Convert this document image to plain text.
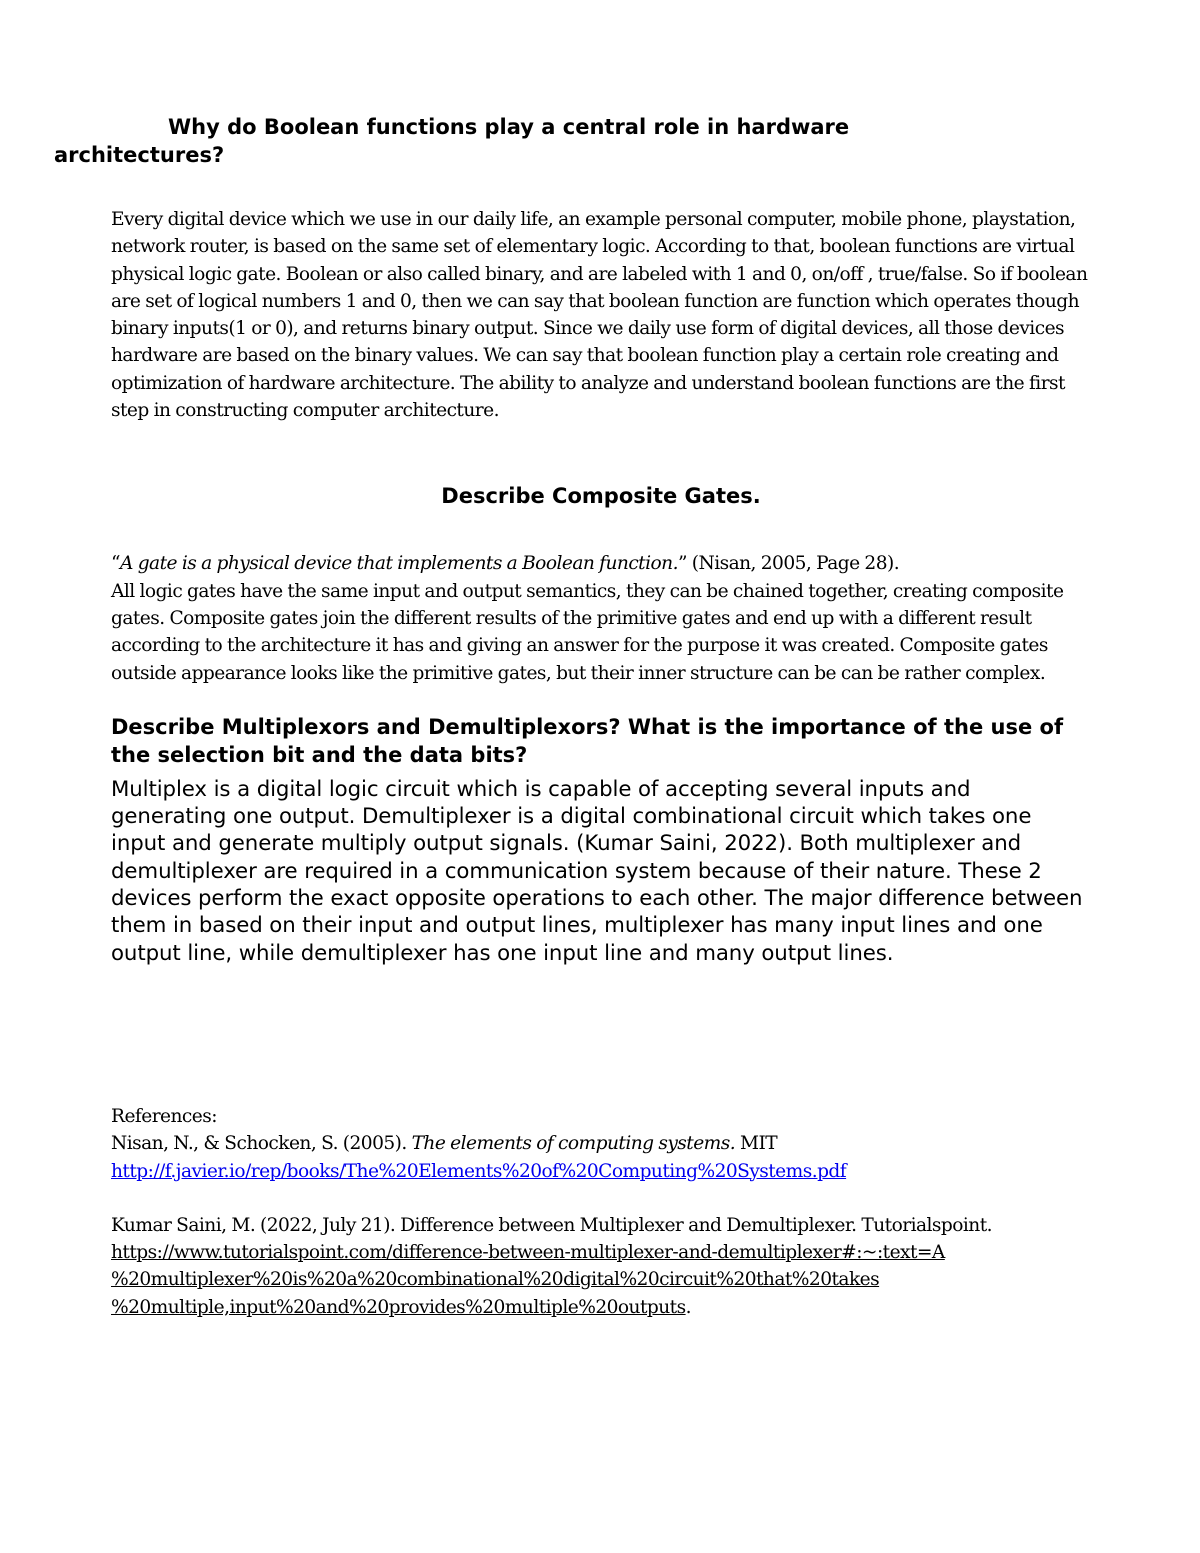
Why do Boolean functions play a central role in hardware
architectures?

Every digital device which we use in our daily life, an example personal computer, mobile phone, playstation, network router, is based on the same set of elementary logic. According to that, boolean functions are virtual physical logic gate. Boolean or also called binary, and are labeled with 1 and 0, on/off , true/false. So if boolean are set of logical numbers 1 and 0, then we can say that boolean function are function which operates though binary inputs(1 or 0), and returns binary output. Since we daily use form of digital devices, all those devices hardware are based on the binary values. We can say that boolean function play a certain role creating and optimization of hardware architecture. The ability to analyze and understand boolean functions are the first step in constructing computer architecture.

Describe Composite Gates.

“A gate is a physical device that implements a Boolean function.” (Nisan, 2005, Page 28).

All logic gates have the same input and output semantics, they can be chained together, creating composite gates. Composite gates join the different results of the primitive gates and end up with a different result according to the architecture it has and giving an answer for the purpose it was created. Composite gates outside appearance looks like the primitive gates, but their inner structure can be can be rather complex.

Describe Multiplexors and Demultiplexors? What is the importance of the use of the selection bit and the data bits?

Multiplex is a digital logic circuit which is capable of accepting several inputs and generating one output. Demultiplexer is a digital combinational circuit which takes one input and generate multiply output signals. (Kumar Saini, 2022). Both multiplexer and demultiplexer are required in a communication system because of their nature. These 2 devices perform the exact opposite operations to each other. The major difference between them in based on their input and output lines, multiplexer has many input lines and one output line, while demultiplexer has one input line and many output lines.

References:

Nisan, N., & Schocken, S. (2005). The elements of computing systems. MIT
http://f.javier.io/rep/books/The%20Elements%20of%20Computing%20Systems.pdf

Kumar Saini, M. (2022, July 21). Difference between Multiplexer and Demultiplexer. Tutorialspoint.
https://www.tutorialspoint.com/difference-between-multiplexer-and-demultiplexer#:~:text=A
%20multiplexer%20is%20a%20combinational%20digital%20circuit%20that%20takes
%20multiple,input%20and%20provides%20multiple%20outputs.
